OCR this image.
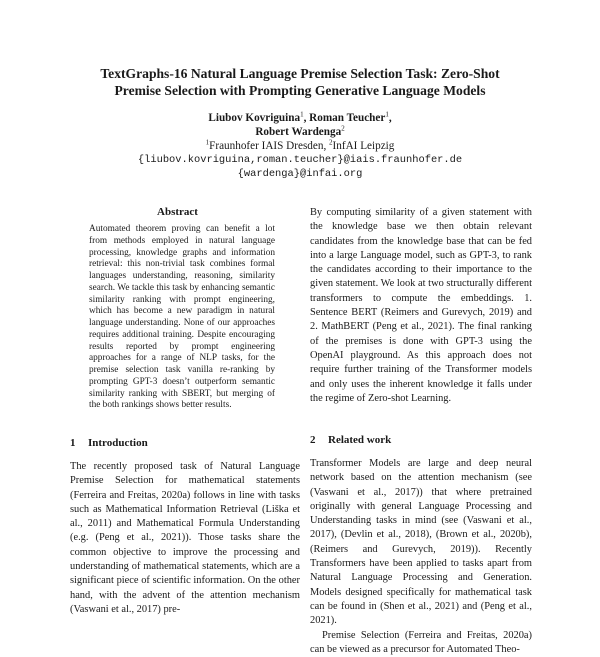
TextGraphs-16 Natural Language Premise Selection Task: Zero-Shot
Premise Selection with Prompting Generative Language Models
Liubov Kovriguina$^1$, Roman Teucher$^1$,
Robert Wardenga$^2$
$^1$Fraunhofer IAIS Dresden, $^2$InfAI Leipzig
{liubov.kovriguina,roman.teucher}@iais.fraunhofer.de
{wardenga}@infai.org
Abstract
Automated theorem proving can benefit a lot from methods employed in natural language processing, knowledge graphs and information retrieval: this non-trivial task combines formal languages understanding, reasoning, similarity search. We tackle this task by enhancing semantic similarity ranking with prompt engineering, which has become a new paradigm in natural language understanding. None of our approaches requires additional training. Despite encouraging results reported by prompt engineering approaches for a range of NLP tasks, for the premise selection task vanilla re-ranking by prompting GPT-3 doesn’t outperform semantic similarity ranking with SBERT, but merging of the both rankings shows better results.
1 Introduction

The recently proposed task of Natural Language Premise Selection for mathematical statements (Ferreira and Freitas, 2020a) follows in line with tasks such as Mathematical Information Retrieval (Liška et al., 2011) and Mathematical Formula Understanding (e.g. (Peng et al., 2021)). Those tasks share the common objective to improve the processing and understanding of mathematical statements, which are a significant piece of scientific information. On the other hand, with the advent of the attention mechanism (Vaswani et al., 2017) pre-

By computing similarity of a given statement with the knowledge base we then obtain relevant candidates from the knowledge base that can be fed into a large Language model, such as GPT-3, to rank the candidates according to their importance to the given statement. We look at two structurally different transformers to compute the embeddings. 1. Sentence BERT (Reimers and Gurevych, 2019) and 2. MathBERT (Peng et al., 2021). The final ranking of the premises is done with GPT-3 using the OpenAI playground. As this approach does not require further training of the Transformer models and only uses the inherent knowledge it falls under the regime of Zero-shot Learning.

2 Related work

Transformer Models are large and deep neural network based on the attention mechanism (see (Vaswani et al., 2017)) that where pretrained originally with general Language Processing and Understanding tasks in mind (see (Vaswani et al., 2017), (Devlin et al., 2018), (Brown et al., 2020b), (Reimers and Gurevych, 2019)). Recently Transformers have been applied to tasks apart from Natural Language Processing and Generation. Models designed specifically for mathematical task can be found in (Shen et al., 2021) and (Peng et al., 2021).

Premise Selection (Ferreira and Freitas, 2020a) can be viewed as a precursor for Automated Theo-
